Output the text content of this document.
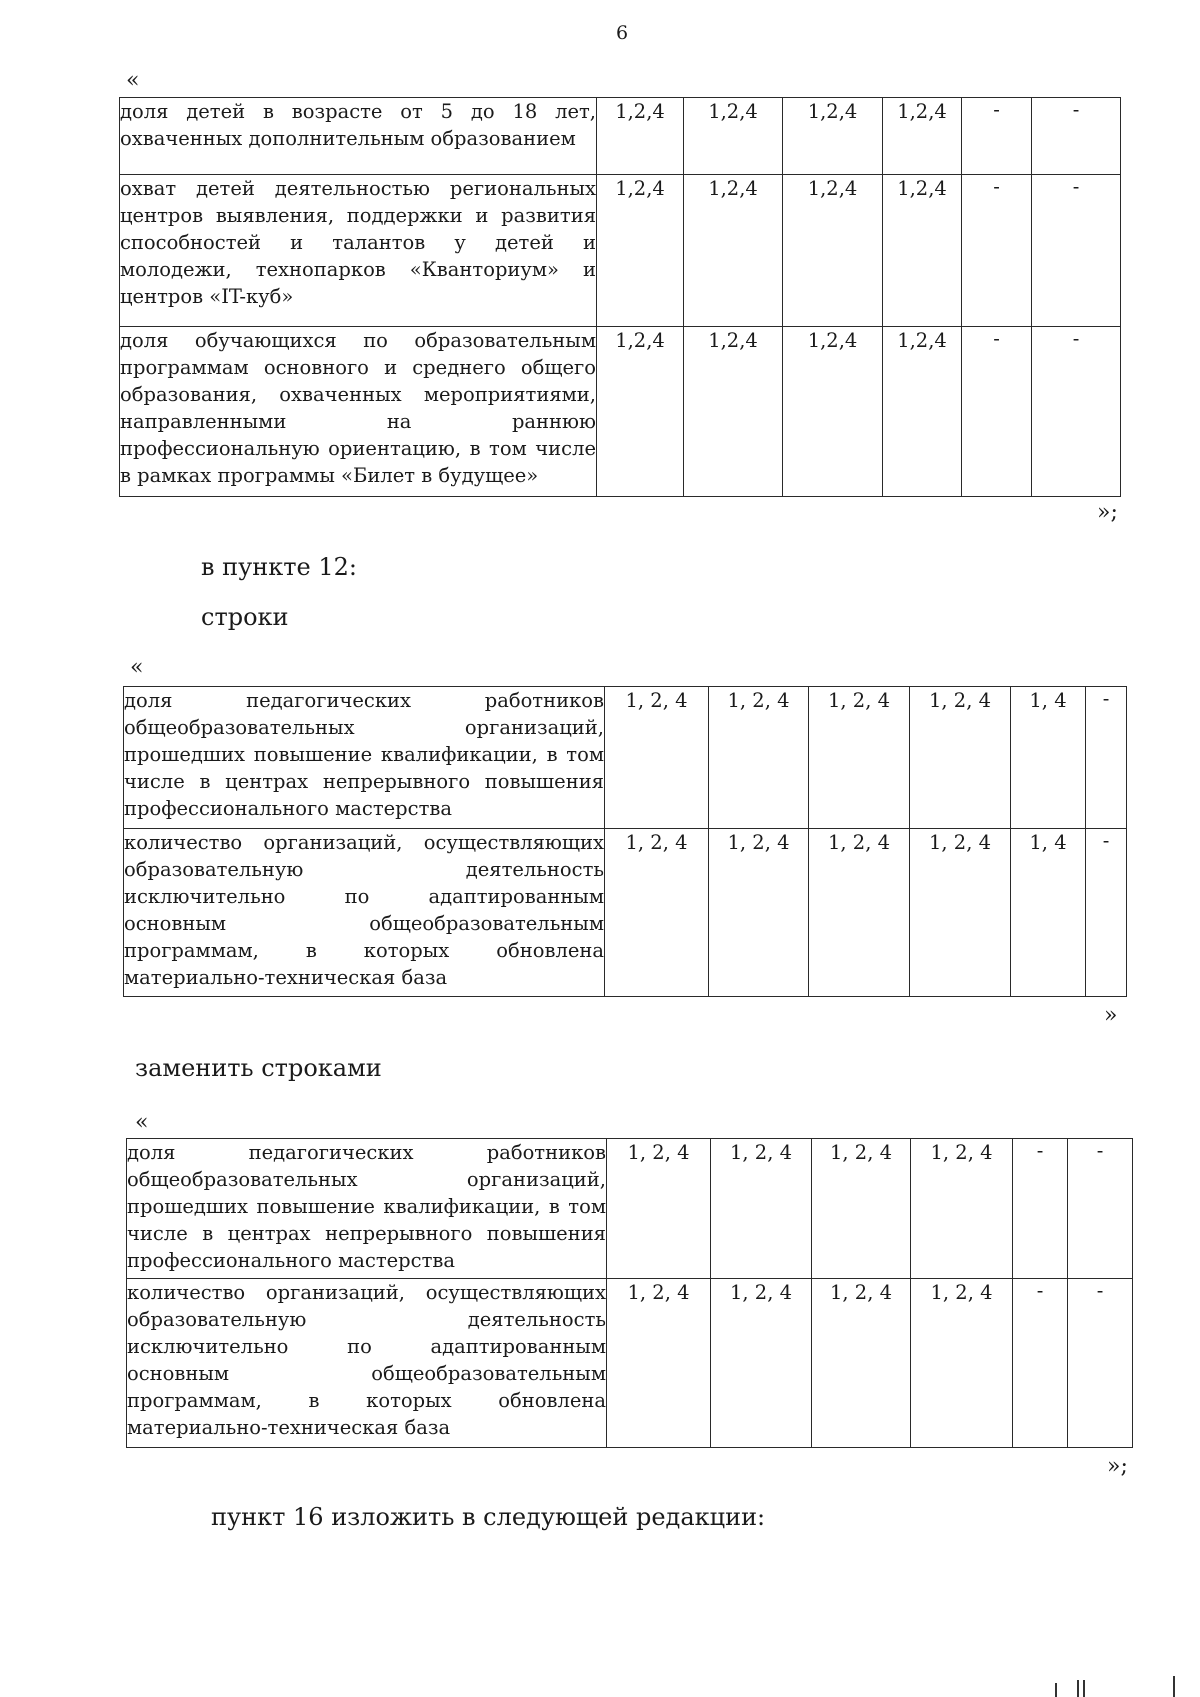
6
«
доля детей в возрасте от 5 до 18 лет, охваченных дополнительным образованием	1,2,4	1,2,4	1,2,4	1,2,4	-	-
охват детей деятельностью региональных центров выявления, поддержки и развития способностей и талантов у детей и молодежи, технопарков «Кванториум» и центров «IT-куб»	1,2,4	1,2,4	1,2,4	1,2,4	-	-
доля обучающихся по образовательным программам основного и среднего общего образования, охваченных мероприятиями, направленными на раннюю профессиональную ориентацию, в том числе в рамках программы «Билет в будущее»	1,2,4	1,2,4	1,2,4	1,2,4	-	-
»;
в пункте 12:
строки
«
доля педагогических работников общеобразовательных организаций, прошедших повышение квалификации, в том числе в центрах непрерывного повышения профессионального мастерства	1, 2, 4	1, 2, 4	1, 2, 4	1, 2, 4	1, 4	-
количество организаций, осуществляющих образовательную деятельность исключительно по адаптированным основным общеобразовательным программам, в которых обновлена материально-техническая база	1, 2, 4	1, 2, 4	1, 2, 4	1, 2, 4	1, 4	-
»
заменить строками
«
доля педагогических работников общеобразовательных организаций, прошедших повышение квалификации, в том числе в центрах непрерывного повышения профессионального мастерства	1, 2, 4	1, 2, 4	1, 2, 4	1, 2, 4	-	-
количество организаций, осуществляющих образовательную деятельность исключительно по адаптированным основным общеобразовательным программам, в которых обновлена материально-техническая база	1, 2, 4	1, 2, 4	1, 2, 4	1, 2, 4	-	-
»;
пункт 16 изложить в следующей редакции:
